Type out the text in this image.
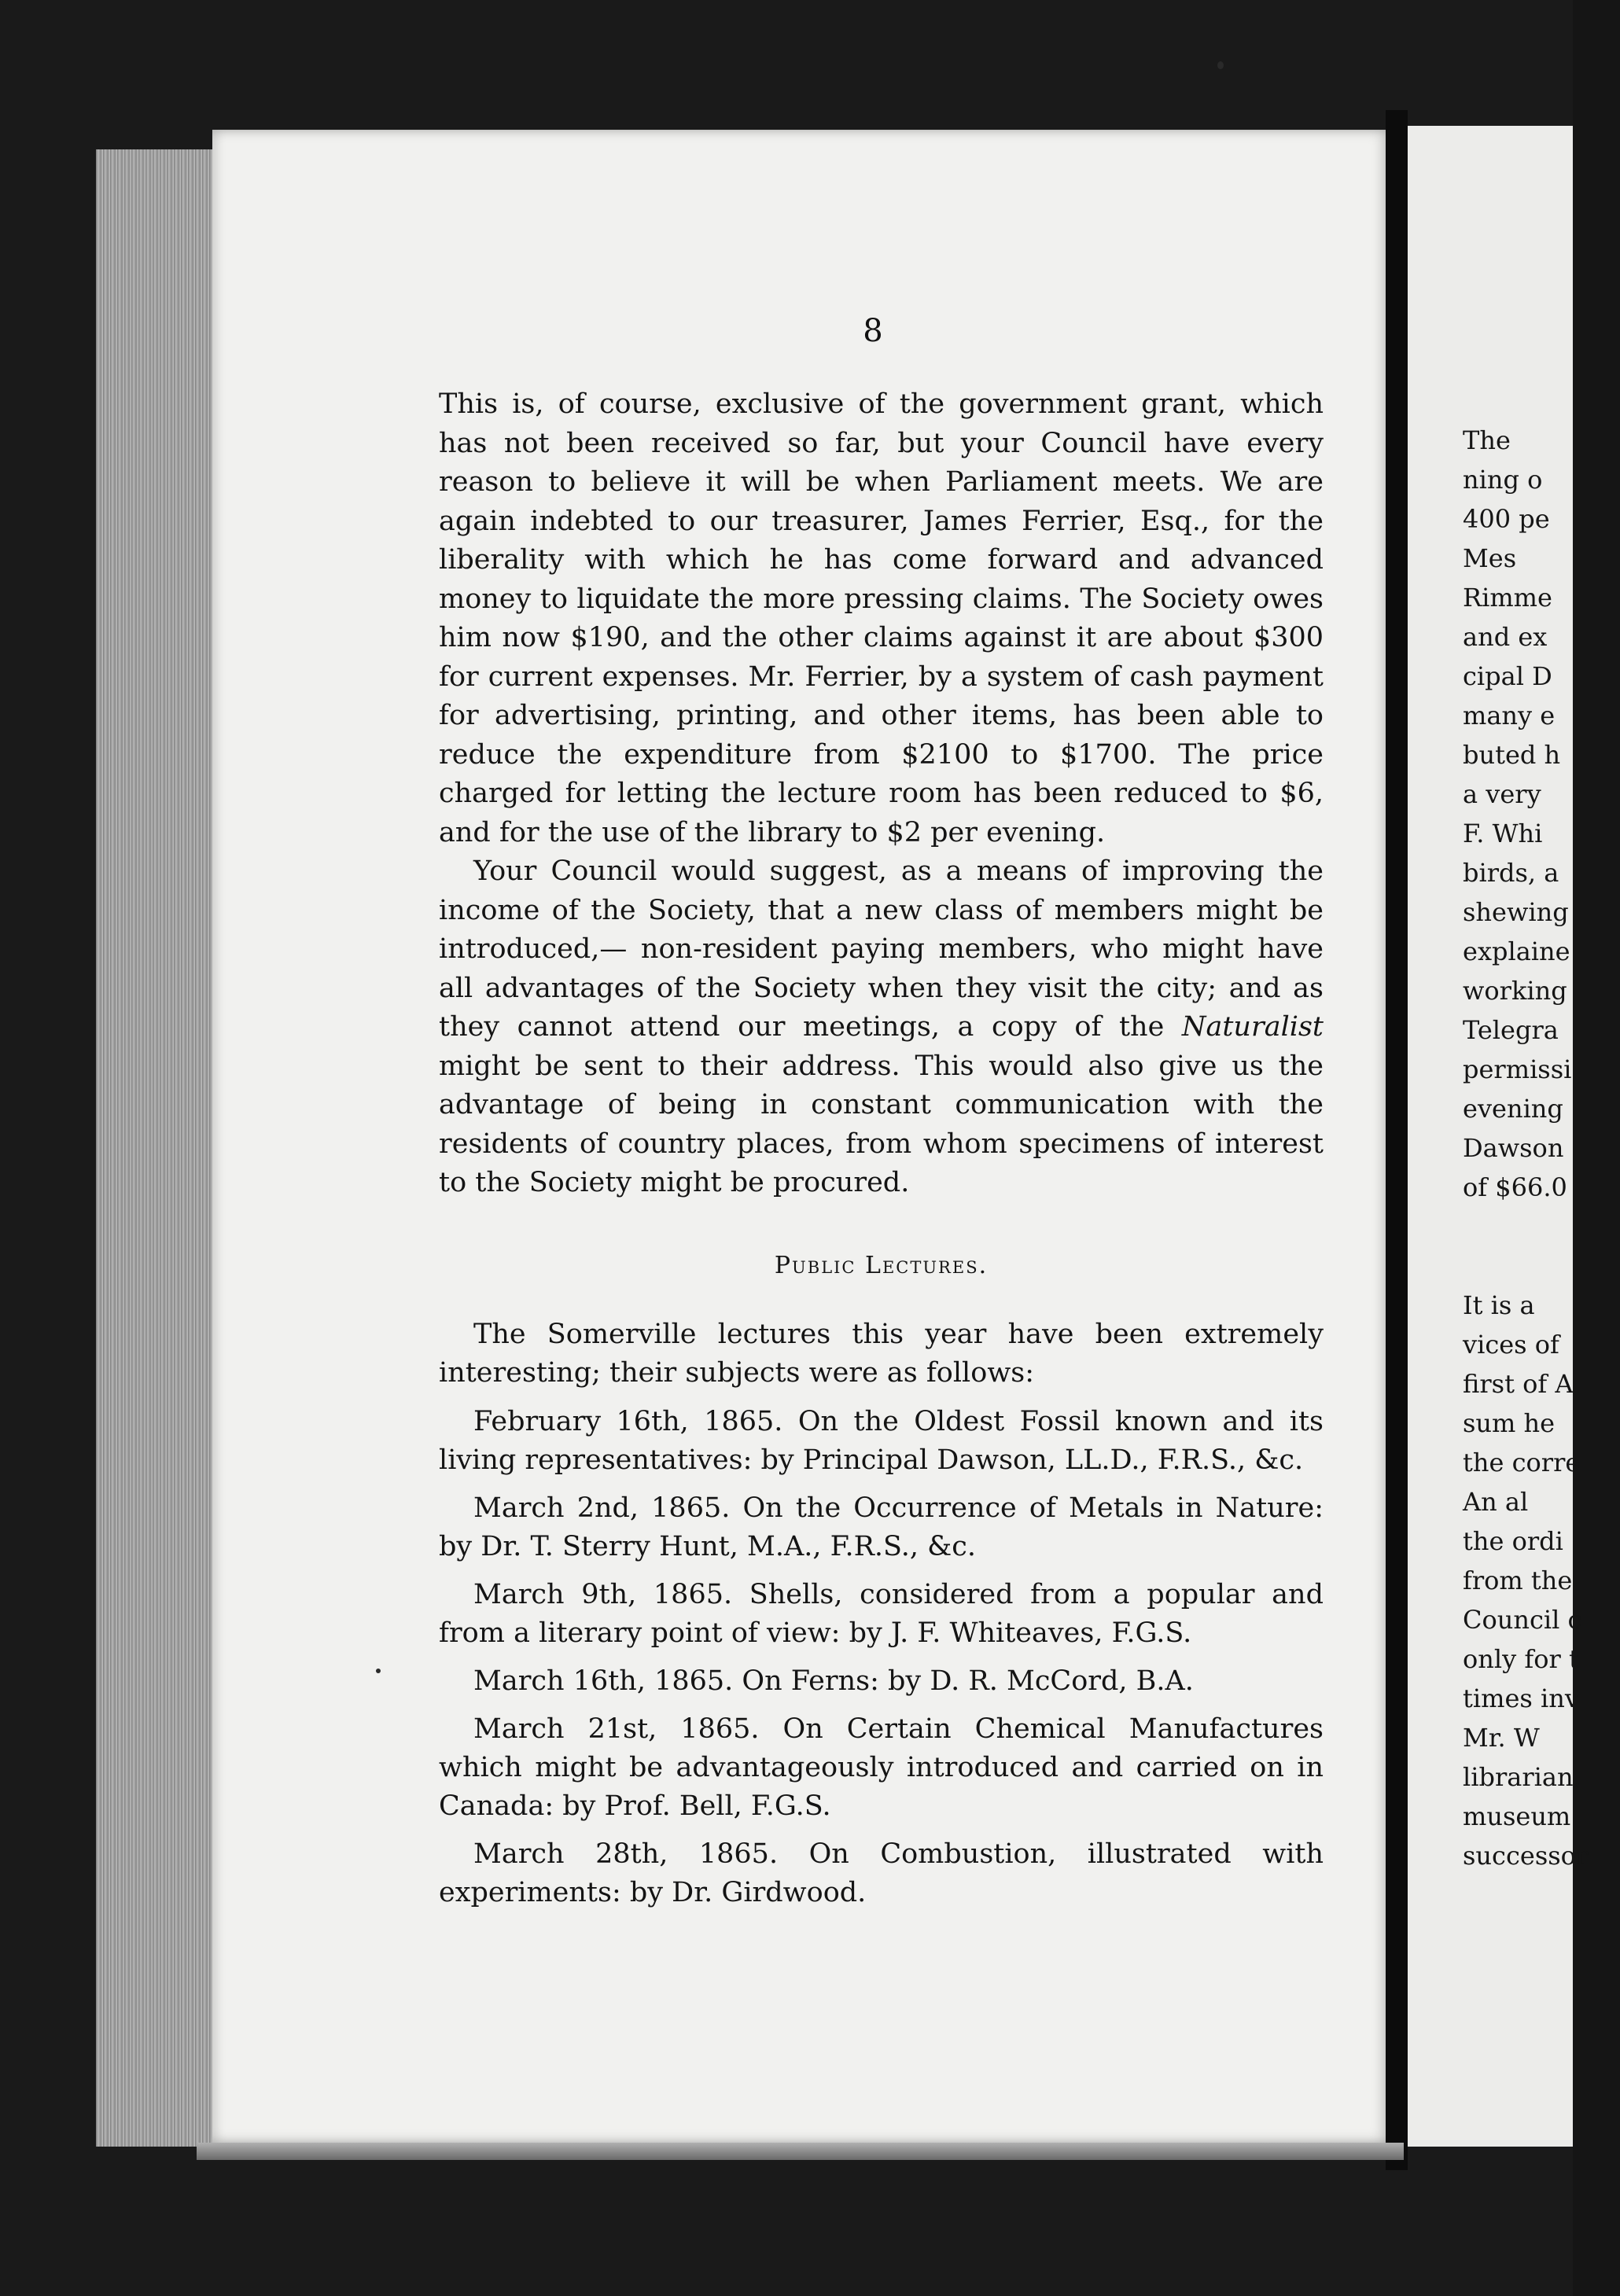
8

This is, of course, exclusive of the government grant, which has not been received so far, but your Council have every reason to believe it will be when Parliament meets. We are again indebted to our treasurer, James Ferrier, Esq., for the liberality with which he has come forward and advanced money to liquidate the more pressing claims. The Society owes him now $190, and the other claims against it are about $300 for current expenses. Mr. Ferrier, by a system of cash payment for advertising, printing, and other items, has been able to reduce the expenditure from $2100 to $1700. The price charged for letting the lecture room has been reduced to $6, and for the use of the library to $2 per evening.

Your Council would suggest, as a means of improving the income of the Society, that a new class of members might be introduced,— non-resident paying members, who might have all advantages of the Society when they visit the city; and as they cannot attend our meetings, a copy of the Naturalist might be sent to their address. This would also give us the advantage of being in constant communication with the residents of country places, from whom specimens of interest to the Society might be procured.

Public Lectures.

The Somerville lectures this year have been extremely interesting; their subjects were as follows:

February 16th, 1865. On the Oldest Fossil known and its living representatives: by Principal Dawson, LL.D., F.R.S., &c.

March 2nd, 1865. On the Occurrence of Metals in Nature: by Dr. T. Sterry Hunt, M.A., F.R.S., &c.

March 9th, 1865. Shells, considered from a popular and from a literary point of view: by J. F. Whiteaves, F.G.S.

March 16th, 1865. On Ferns: by D. R. McCord, B.A.

March 21st, 1865. On Certain Chemical Manufactures which might be advantageously introduced and carried on in Canada: by Prof. Bell, F.G.S.

March 28th, 1865. On Combustion, illustrated with experiments: by Dr. Girdwood.

The
ning o
400 pe
Mes
Rimme
and ex
cipal D
many e
buted h
a very
F. Whi
birds, a
shewing
explaine
working
Telegra
permissi
evening
Dawson
of $66.0
It is a
vices of
first of A
sum he
the corre
An al
the ordi
from the
Council c
only for t
times inv
Mr. W
librarian,
museum
successor
